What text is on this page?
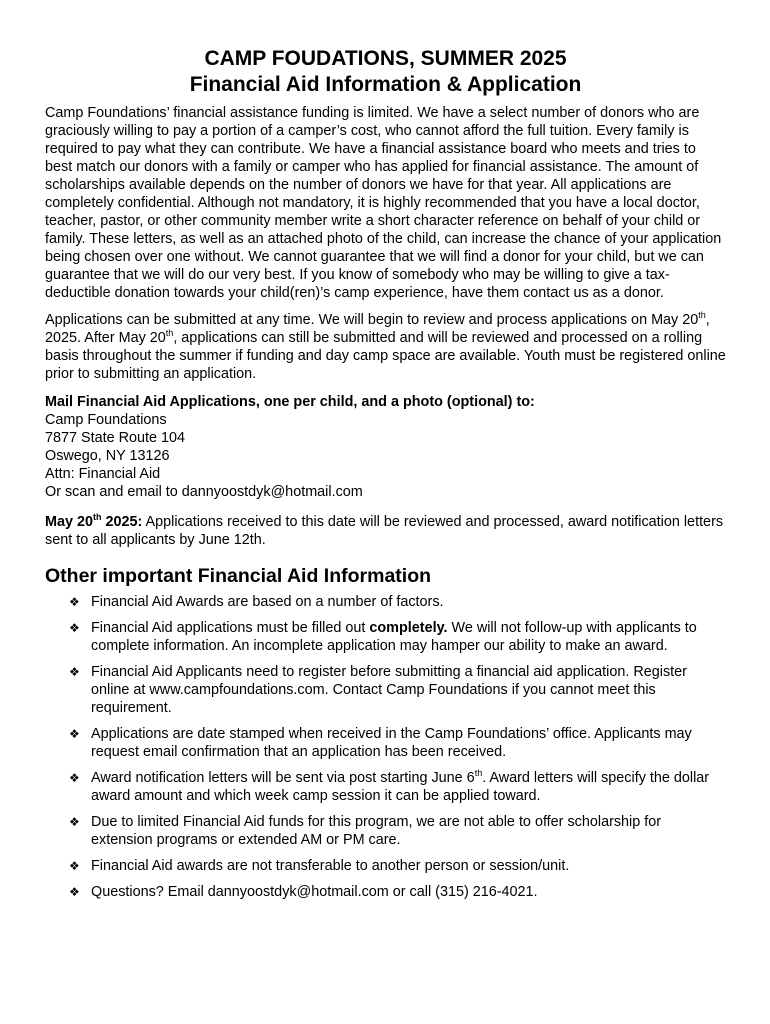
CAMP FOUDATIONS, SUMMER 2025
Financial Aid Information & Application

Camp Foundations’ financial assistance funding is limited. We have a select number of donors who are graciously willing to pay a portion of a camper’s cost, who cannot afford the full tuition. Every family is required to pay what they can contribute. We have a financial assistance board who meets and tries to best match our donors with a family or camper who has applied for financial assistance. The amount of scholarships available depends on the number of donors we have for that year. All applications are completely confidential. Although not mandatory, it is highly recommended that you have a local doctor, teacher, pastor, or other community member write a short character reference on behalf of your child or family. These letters, as well as an attached photo of the child, can increase the chance of your application being chosen over one without. We cannot guarantee that we will find a donor for your child, but we can guarantee that we will do our very best. If you know of somebody who may be willing to give a tax-deductible donation towards your child(ren)’s camp experience, have them contact us as a donor.

Applications can be submitted at any time. We will begin to review and process applications on May 20th, 2025. After May 20th, applications can still be submitted and will be reviewed and processed on a rolling basis throughout the summer if funding and day camp space are available. Youth must be registered online prior to submitting an application.

Mail Financial Aid Applications, one per child, and a photo (optional) to:
Camp Foundations
7877 State Route 104
Oswego, NY 13126
Attn: Financial Aid
Or scan and email to dannyoostdyk@hotmail.com

May 20th 2025: Applications received to this date will be reviewed and processed, award notification letters sent to all applicants by June 12th.

Other important Financial Aid Information
❖ Financial Aid Awards are based on a number of factors.
❖ Financial Aid applications must be filled out completely. We will not follow-up with applicants to complete information. An incomplete application may hamper our ability to make an award.
❖ Financial Aid Applicants need to register before submitting a financial aid application. Register online at www.campfoundations.com. Contact Camp Foundations if you cannot meet this requirement.
❖ Applications are date stamped when received in the Camp Foundations’ office. Applicants may request email confirmation that an application has been received.
❖ Award notification letters will be sent via post starting June 6th. Award letters will specify the dollar award amount and which week camp session it can be applied toward.
❖ Due to limited Financial Aid funds for this program, we are not able to offer scholarship for extension programs or extended AM or PM care.
❖ Financial Aid awards are not transferable to another person or session/unit.
❖ Questions? Email dannyoostdyk@hotmail.com or call (315) 216-4021.
